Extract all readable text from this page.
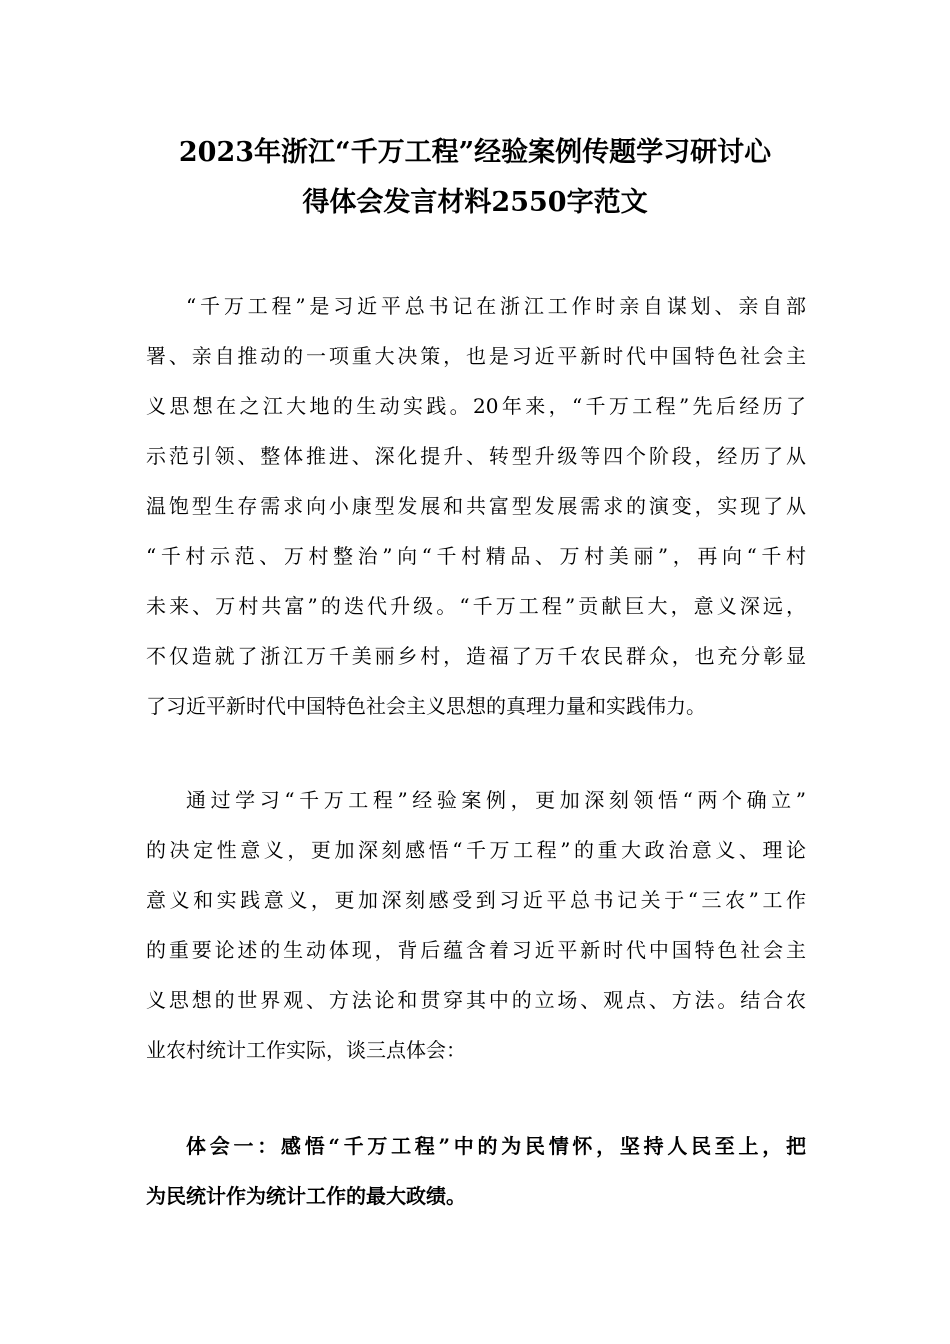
2023年浙江“千万工程”经验案例传题学习研讨心
得体会发言材料2550字范文
“千万工程”是习近平总书记在浙江工作时亲自谋划、亲自部
署、亲自推动的一项重大决策，也是习近平新时代中国特色社会主
义思想在之江大地的生动实践。20年来，“千万工程”先后经历了
示范引领、整体推进、深化提升、转型升级等四个阶段，经历了从
温饱型生存需求向小康型发展和共富型发展需求的演变，实现了从
“千村示范、万村整治”向“千村精品、万村美丽”，再向“千村
未来、万村共富”的迭代升级。“千万工程”贡献巨大，意义深远，
不仅造就了浙江万千美丽乡村，造福了万千农民群众，也充分彰显
了习近平新时代中国特色社会主义思想的真理力量和实践伟力。
通过学习“千万工程”经验案例，更加深刻领悟“两个确立”
的决定性意义，更加深刻感悟“千万工程”的重大政治意义、理论
意义和实践意义，更加深刻感受到习近平总书记关于“三农”工作
的重要论述的生动体现，背后蕴含着习近平新时代中国特色社会主
义思想的世界观、方法论和贯穿其中的立场、观点、方法。结合农
业农村统计工作实际，谈三点体会：
体会一：感悟“千万工程”中的为民情怀，坚持人民至上，把
为民统计作为统计工作的最大政绩。
